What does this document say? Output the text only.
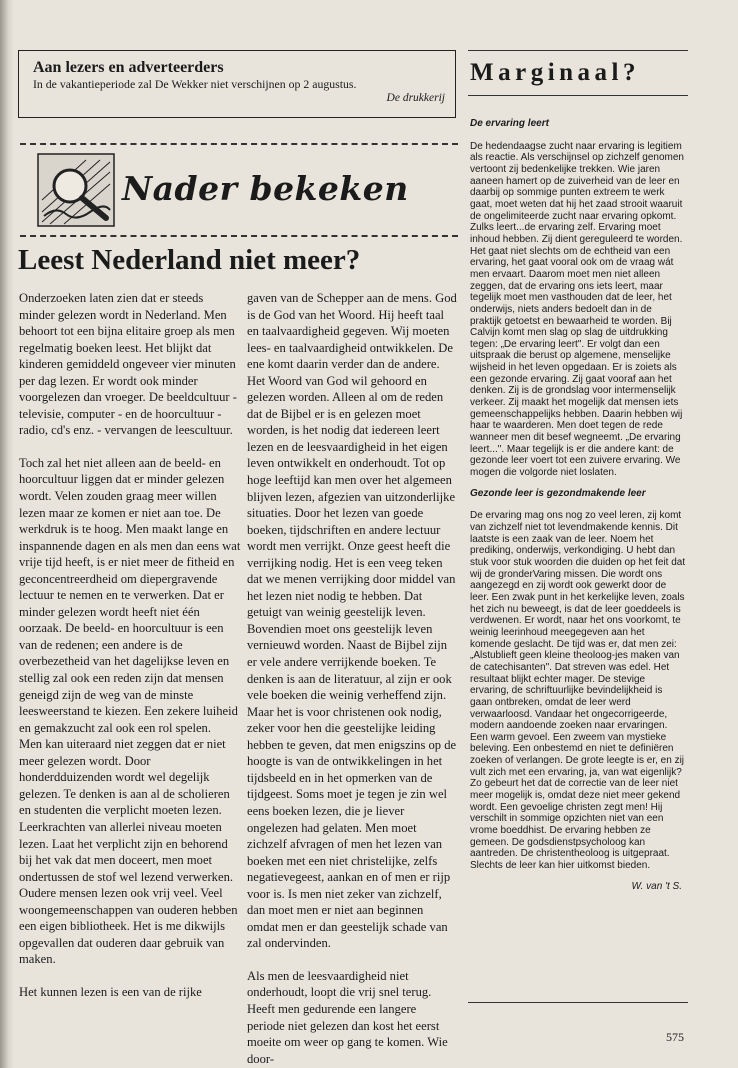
Aan lezers en adverteerders
In de vakantieperiode zal De Wekker niet verschijnen op 2 augustus.
De drukkerij
Nader bekeken
Leest Nederland niet meer?

Onderzoeken laten zien dat er steeds minder gelezen wordt in Nederland. Men behoort tot een bijna elitaire groep als men regelmatig boeken leest. Het blijkt dat kinderen gemiddeld ongeveer vier minuten per dag lezen. Er wordt ook minder voorgelezen dan vroeger. De beeldcultuur - televisie, computer - en de hoorcultuur - radio, cd's enz. - vervangen de leescultuur.

Toch zal het niet alleen aan de beeld- en hoorcultuur liggen dat er minder gelezen wordt. Velen zouden graag meer willen lezen maar ze komen er niet aan toe. De werkdruk is te hoog. Men maakt lange en inspannende dagen en als men dan eens wat vrije tijd heeft, is er niet meer de fitheid en geconcentreerdheid om diepergravende lectuur te nemen en te verwerken. Dat er minder gelezen wordt heeft niet één oorzaak. De beeld- en hoorcultuur is een van de redenen; een andere is de overbezetheid van het dagelijkse leven en stellig zal ook een reden zijn dat mensen geneigd zijn de weg van de minste leesweerstand te kiezen. Een zekere luiheid en gemakzucht zal ook een rol spelen.

Men kan uiteraard niet zeggen dat er niet meer gelezen wordt. Door honderdduizenden wordt wel degelijk gelezen. Te denken is aan al de scholieren en studenten die verplicht moeten lezen. Leerkrachten van allerlei niveau moeten lezen. Laat het verplicht zijn en behorend bij het vak dat men doceert, men moet ondertussen de stof wel lezend verwerken. Oudere mensen lezen ook vrij veel. Veel woongemeenschappen van ouderen hebben een eigen bibliotheek. Het is me dikwijls opgevallen dat ouderen daar gebruik van maken.

Het kunnen lezen is een van de rijke

gaven van de Schepper aan de mens. God is de God van het Woord. Hij heeft taal en taalvaardigheid gegeven. Wij moeten lees- en taalvaardigheid ontwikkelen. De ene komt daarin verder dan de andere. Het Woord van God wil gehoord en gelezen worden. Alleen al om de reden dat de Bijbel er is en gelezen moet worden, is het nodig dat iedereen leert lezen en de leesvaardigheid in het eigen leven ontwikkelt en onderhoudt. Tot op hoge leeftijd kan men over het algemeen blijven lezen, afgezien van uitzonderlijke situaties. Door het lezen van goede boeken, tijdschriften en andere lectuur wordt men verrijkt. Onze geest heeft die verrijking nodig. Het is een veeg teken dat we menen verrijking door middel van het lezen niet nodig te hebben. Dat getuigt van weinig geestelijk leven. Bovendien moet ons geestelijk leven vernieuwd worden. Naast de Bijbel zijn er vele andere verrijkende boeken. Te denken is aan de literatuur, al zijn er ook vele boeken die weinig verheffend zijn. Maar het is voor christenen ook nodig, zeker voor hen die geestelijke leiding hebben te geven, dat men enigszins op de hoogte is van de ontwikkelingen in het tijdsbeeld en in het opmerken van de tijdgeest. Soms moet je tegen je zin wel eens boeken lezen, die je liever ongelezen had gelaten. Men moet zichzelf afvragen of men het lezen van boeken met een niet christelijke, zelfs negatievegeest, aankan en of men er rijp voor is. Is men niet zeker van zichzelf, dan moet men er niet aan beginnen omdat men er dan geestelijk schade van zal ondervinden.

Als men de leesvaardigheid niet onderhoudt, loopt die vrij snel terug. Heeft men gedurende een langere periode niet gelezen dan kost het eerst moeite om weer op gang te komen. Wie door-

Marginaal?

De ervaring leert

De hedendaagse zucht naar ervaring is legitiem als reactie. Als verschijnsel op zichzelf genomen vertoont zij bedenkelijke trekken. Wie jaren aaneen hamert op de zuiverheid van de leer en daarbij op sommige punten extreem te werk gaat, moet weten dat hij het zaad strooit waaruit de ongelimiteerde zucht naar ervaring opkomt. Zulks leert...de ervaring zelf. Ervaring moet inhoud hebben. Zij dient gereguleerd te worden. Het gaat niet slechts om de echtheid van een ervaring, het gaat vooral ook om de vraag wát men ervaart. Daarom moet men niet alleen zeggen, dat de ervaring ons iets leert, maar tegelijk moet men vasthouden dat de leer, het onderwijs, niets anders bedoelt dan in de praktijk getoetst en bewaarheid te worden. Bij Calvijn komt men slag op slag de uitdrukking tegen: „De ervaring leert". Er volgt dan een uitspraak die berust op algemene, menselijke wijsheid in het leven opgedaan. Er is zoiets als een gezonde ervaring. Zij gaat vooraf aan het denken. Zij is de grondslag voor intermenselijk verkeer. Zij maakt het mogelijk dat mensen iets gemeenschappelijks hebben. Daarin hebben wij haar te waarderen. Men doet tegen de rede wanneer men dit besef wegneemt. „De ervaring leert...". Maar tegelijk is er die andere kant: de gezonde leer voert tot een zuivere ervaring. We mogen die volgorde niet loslaten.

Gezonde leer is gezondmakende leer

De ervaring mag ons nog zo veel leren, zij komt van zichzelf niet tot levendmakende kennis. Dit laatste is een zaak van de leer. Noem het prediking, onderwijs, verkondiging. U hebt dan stuk voor stuk woorden die duiden op het feit dat wij de gronderVaring missen. Die wordt ons aangezegd en zij wordt ook gewerkt door de leer. Een zwak punt in het kerkelijke leven, zoals het zich nu beweegt, is dat de leer goeddeels is verdwenen. Er wordt, naar het ons voorkomt, te weinig leerinhoud meegegeven aan het komende geslacht. De tijd was er, dat men zei: „Alstublieft geen kleine theoloog-jes maken van de catechisanten". Dat streven was edel. Het resultaat blijkt echter mager. De stevige ervaring, de schriftuurlijke bevindelijkheid is gaan ontbreken, omdat de leer werd verwaarloosd. Vandaar het ongecorrigeerde, modern aandoende zoeken naar ervaringen. Een warm gevoel. Een zweem van mystieke beleving. Een onbestemd en niet te definiëren zoeken of verlangen. De grote leegte is er, en zij vult zich met een ervaring, ja, van wat eigenlijk? Zo gebeurt het dat de correctie van de leer niet meer mogelijk is, omdat deze niet meer gekend wordt. Een gevoelige christen zegt men! Hij verschilt in sommige opzichten niet van een vrome boeddhist. De ervaring hebben ze gemeen. De godsdienstpsycholoog kan aantreden. De christentheoloog is uitgepraat. Slechts de leer kan hier uitkomst bieden.

W. van 't S.

575
